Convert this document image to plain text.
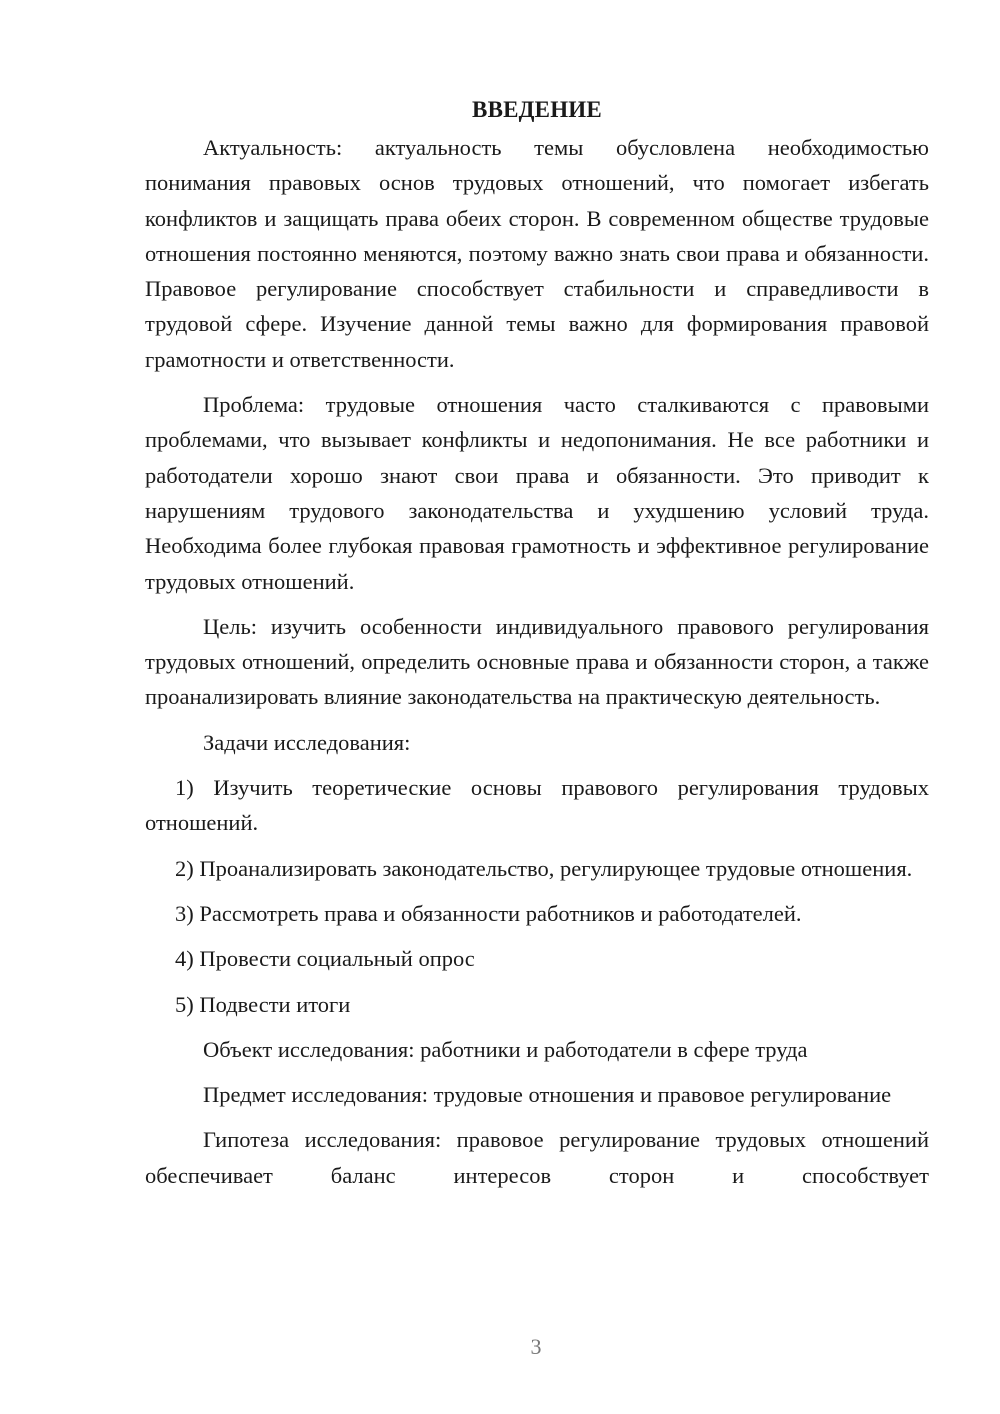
ВВЕДЕНИЕ

Актуальность: актуальность темы обусловлена необходимостью понимания правовых основ трудовых отношений, что помогает избегать конфликтов и защищать права обеих сторон. В современном обществе трудовые отношения постоянно меняются, поэтому важно знать свои права и обязанности. Правовое регулирование способствует стабильности и справедливости в трудовой сфере. Изучение данной темы важно для формирования правовой грамотности и ответственности.

Проблема: трудовые отношения часто сталкиваются с правовыми проблемами, что вызывает конфликты и недопонимания. Не все работники и работодатели хорошо знают свои права и обязанности. Это приводит к нарушениям трудового законодательства и ухудшению условий труда. Необходима более глубокая правовая грамотность и эффективное регулирование трудовых отношений.

Цель: изучить особенности индивидуального правового регулирования трудовых отношений, определить основные права и обязанности сторон, а также проанализировать влияние законодательства на практическую деятельность.

Задачи исследования:

1) Изучить теоретические основы правового регулирования трудовых отношений.

2) Проанализировать законодательство, регулирующее трудовые отношения.

3) Рассмотреть права и обязанности работников и работодателей.

4) Провести социальный опрос

5) Подвести итоги

Объект исследования: работники и работодатели в сфере труда

Предмет исследования: трудовые отношения и правовое регулирование

Гипотеза исследования: правовое регулирование трудовых отношений обеспечивает баланс интересов сторон и способствует

3
